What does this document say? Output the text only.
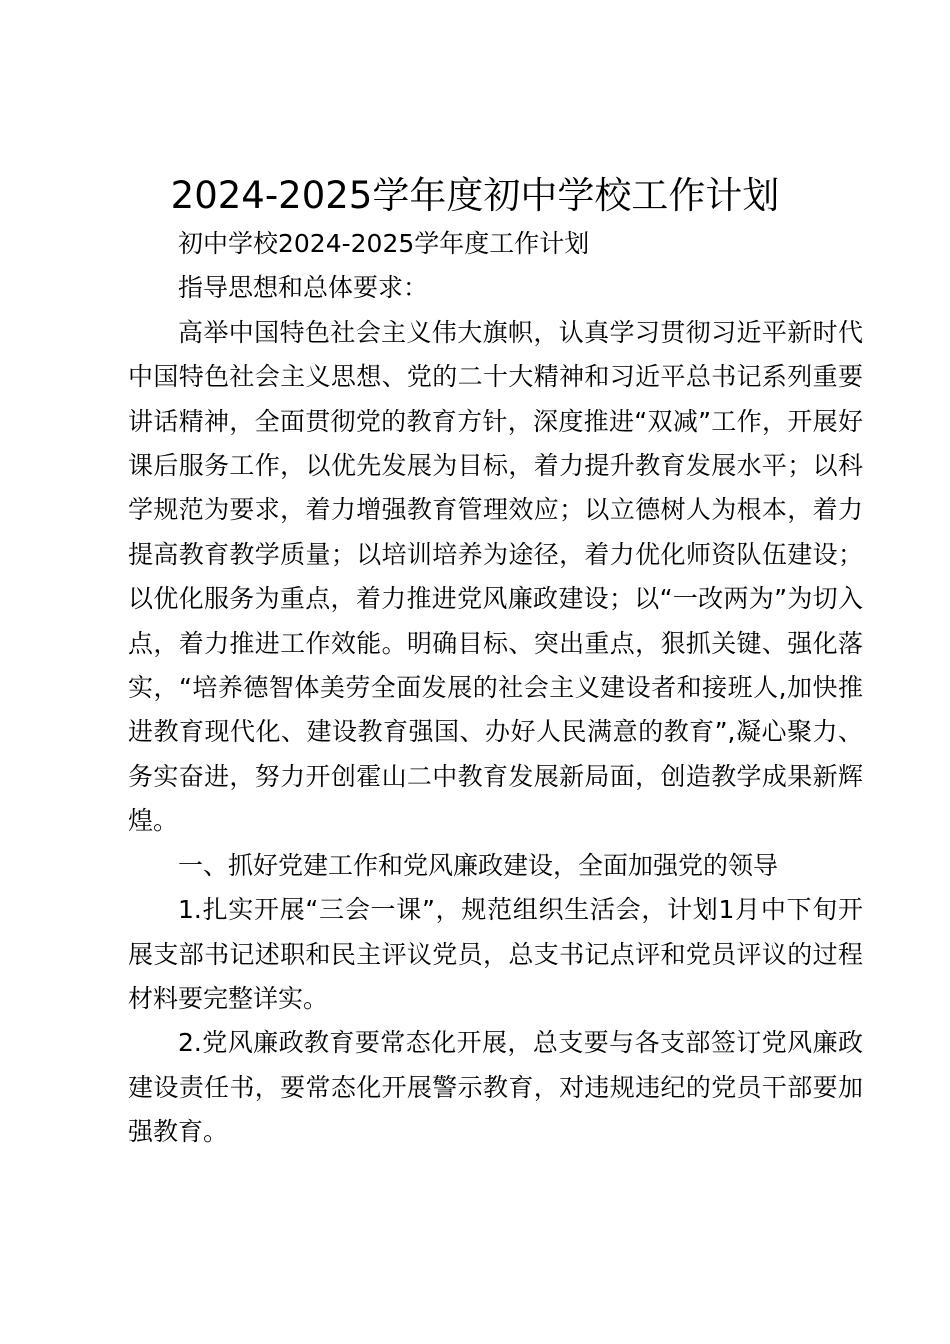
2024-2025学年度初中学校工作计划

初中学校2024-2025学年度工作计划

指导思想和总体要求：

高举中国特色社会主义伟大旗帜，认真学习贯彻习近平新时代中国特色社会主义思想、党的二十大精神和习近平总书记系列重要讲话精神，全面贯彻党的教育方针，深度推进“双减”工作，开展好课后服务工作，以优先发展为目标，着力提升教育发展水平；以科学规范为要求，着力增强教育管理效应；以立德树人为根本，着力提高教育教学质量；以培训培养为途径，着力优化师资队伍建设；以优化服务为重点，着力推进党风廉政建设；以“一改两为”为切入点，着力推进工作效能。明确目标、突出重点，狠抓关键、强化落实，“培养德智体美劳全面发展的社会主义建设者和接班人,加快推进教育现代化、建设教育强国、办好人民满意的教育”,凝心聚力、务实奋进，努力开创霍山二中教育发展新局面，创造教学成果新辉煌。

一、抓好党建工作和党风廉政建设，全面加强党的领导

1.扎实开展“三会一课”，规范组织生活会，计划1月中下旬开展支部书记述职和民主评议党员，总支书记点评和党员评议的过程材料要完整详实。

2.党风廉政教育要常态化开展，总支要与各支部签订党风廉政建设责任书，要常态化开展警示教育，对违规违纪的党员干部要加强教育。
